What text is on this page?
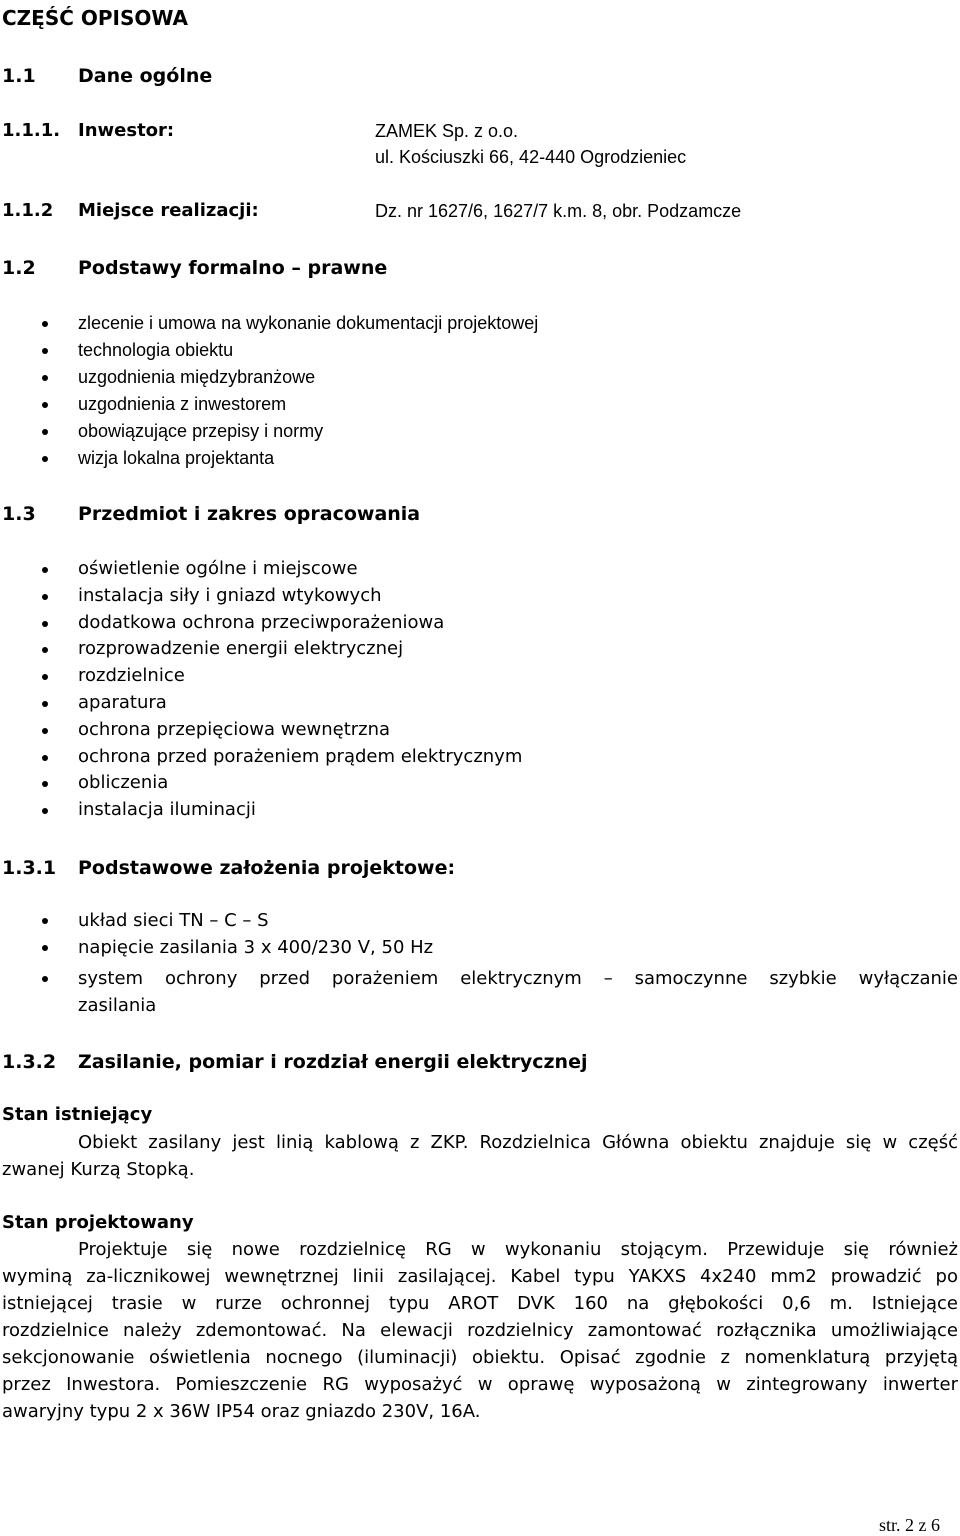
CZĘŚĆ OPISOWA
1.1 Dane ogólne
1.1.1. Inwestor:	ZAMEK Sp. z o.o.
ul. Kościuszki 66, 42-440 Ogrodzieniec
1.1.2 Miejsce realizacji:	Dz. nr 1627/6, 1627/7 k.m. 8, obr. Podzamcze
1.2 Podstawy formalno – prawne
zlecenie i umowa na wykonanie dokumentacji projektowej
technologia obiektu
uzgodnienia międzybranżowe
uzgodnienia z inwestorem
obowiązujące przepisy i normy
wizja lokalna projektanta
1.3 Przedmiot i zakres opracowania
oświetlenie ogólne i miejscowe
instalacja siły i gniazd wtykowych
dodatkowa ochrona przeciwporażeniowa
rozprowadzenie energii elektrycznej
rozdzielnice
aparatura
ochrona przepięciowa wewnętrzna
ochrona przed porażeniem prądem elektrycznym
obliczenia
instalacja iluminacji
1.3.1 Podstawowe założenia projektowe:
układ sieci TN – C – S
napięcie zasilania 3 x 400/230 V, 50 Hz
system ochrony przed porażeniem elektrycznym – samoczynne szybkie wyłączanie
zasilania
1.3.2 Zasilanie, pomiar i rozdział energii elektrycznej
Stan istniejący
Obiekt zasilany jest linią kablową z ZKP. Rozdzielnica Główna obiektu znajduje się w część
zwanej Kurzą Stopką.
Stan projektowany
Projektuje się nowe rozdzielnicę RG w wykonaniu stojącym. Przewiduje się również
wyminą za-licznikowej wewnętrznej linii zasilającej. Kabel typu YAKXS 4x240 mm2 prowadzić po
istniejącej trasie w rurze ochronnej typu AROT DVK 160 na głębokości 0,6 m. Istniejące
rozdzielnice należy zdemontować. Na elewacji rozdzielnicy zamontować rozłącznika umożliwiające
sekcjonowanie oświetlenia nocnego (iluminacji) obiektu. Opisać zgodnie z nomenklaturą przyjętą
przez Inwestora. Pomieszczenie RG wyposażyć w oprawę wyposażoną w zintegrowany inwerter
awaryjny typu 2 x 36W IP54 oraz gniazdo 230V, 16A.
str. 2 z 6
